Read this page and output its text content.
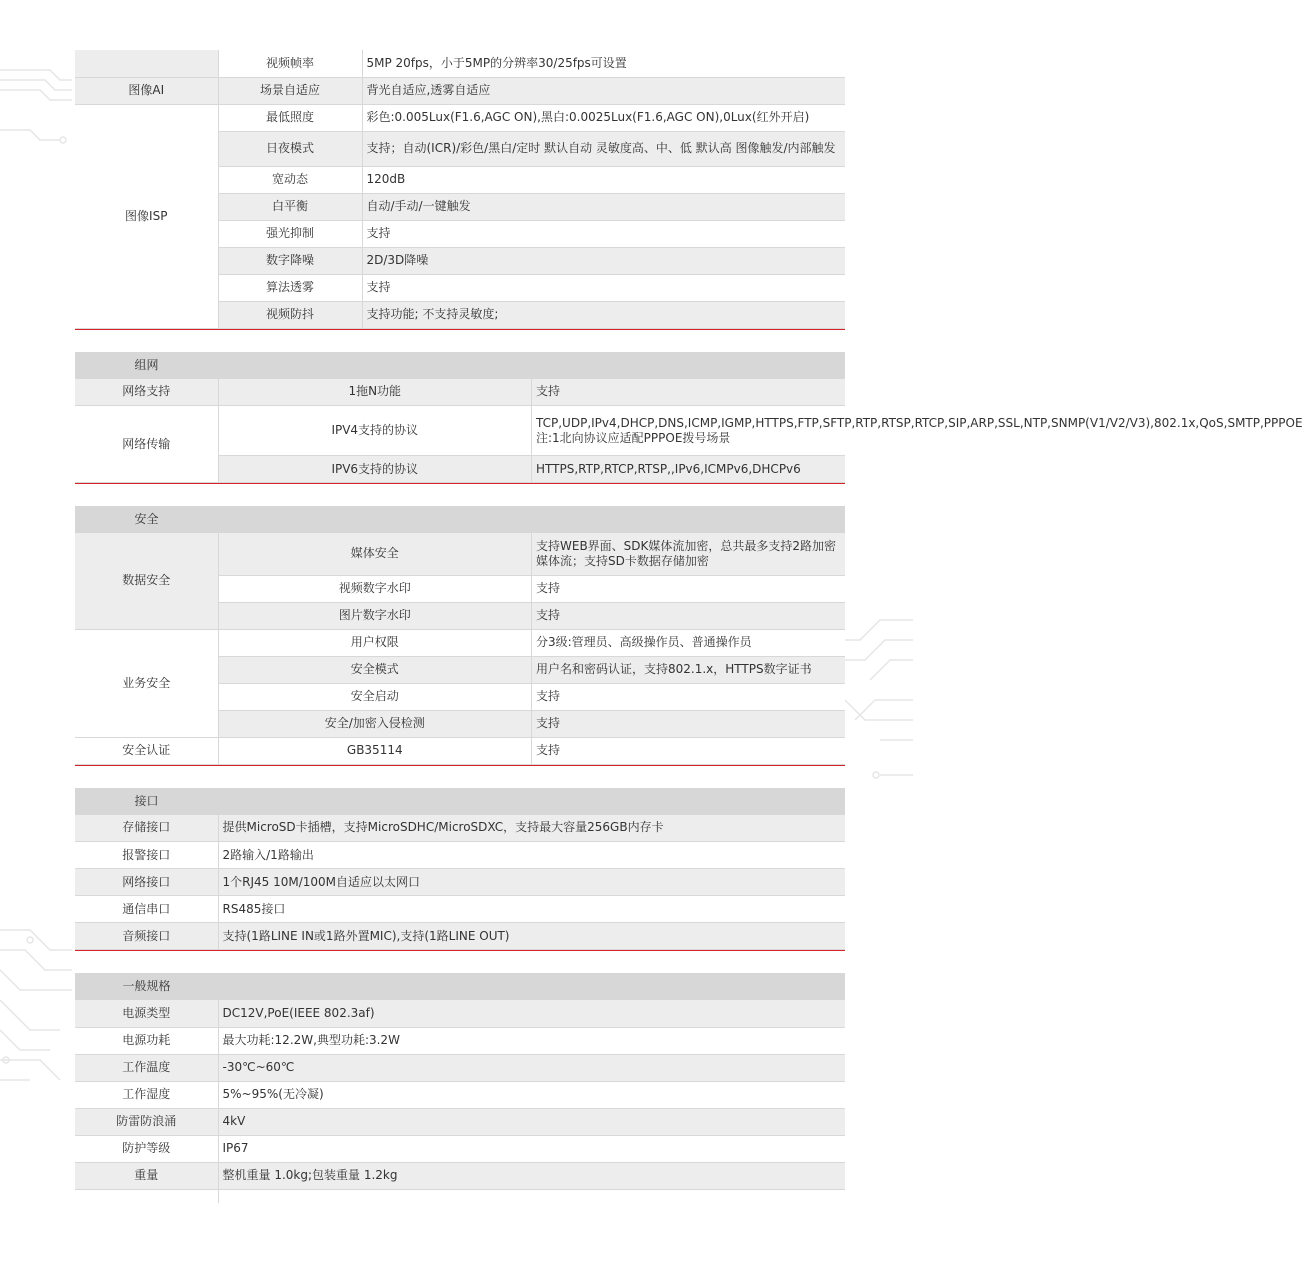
	视频帧率	5MP 20fps，小于5MP的分辨率30/25fps可设置
图像AI	场景自适应	背光自适应,透雾自适应
图像ISP	最低照度	彩色:0.005Lux(F1.6,AGC ON),黑白:0.0025Lux(F1.6,AGC ON),0Lux(红外开启)
	日夜模式	支持；自动(ICR)/彩色/黑白/定时 默认自动 灵敏度高、中、低 默认高 图像触发/内部触发
	宽动态	120dB
	白平衡	自动/手动/一键触发
	强光抑制	支持
	数字降噪	2D/3D降噪
	算法透雾	支持
	视频防抖	支持功能; 不支持灵敏度;
组网		
网络支持	1拖N功能	支持
网络传输	IPV4支持的协议	TCP,UDP,IPv4,DHCP,DNS,ICMP,IGMP,HTTPS,FTP,SFTP,RTP,RTSP,RTCP,SIP,ARP,SSL,NTP,SNMP(V1/V2/V3),802.1x,QoS,SMTP,PPPOE 注:1北向协议应适配PPPOE拨号场景
	IPV6支持的协议	HTTPS,RTP,RTCP,RTSP,,IPv6,ICMPv6,DHCPv6
安全		
数据安全	媒体安全	支持WEB界面、SDK媒体流加密，总共最多支持2路加密媒体流；支持SD卡数据存储加密
	视频数字水印	支持
	图片数字水印	支持
业务安全	用户权限	分3级:管理员、高级操作员、普通操作员
	安全模式	用户名和密码认证，支持802.1.x，HTTPS数字证书
	安全启动	支持
	安全/加密入侵检测	支持
安全认证	GB35114	支持
接口	
存储接口	提供MicroSD卡插槽，支持MicroSDHC/MicroSDXC，支持最大容量256GB内存卡
报警接口	2路输入/1路输出
网络接口	1个RJ45 10M/100M自适应以太网口
通信串口	RS485接口
音频接口	支持(1路LINE IN或1路外置MIC),支持(1路LINE OUT)
一般规格	
电源类型	DC12V,PoE(IEEE 802.3af)
电源功耗	最大功耗:12.2W,典型功耗:3.2W
工作温度	-30℃~60℃
工作湿度	5%~95%(无冷凝)
防雷防浪涌	4kV
防护等级	IP67
重量	整机重量 1.0kg;包装重量 1.2kg
